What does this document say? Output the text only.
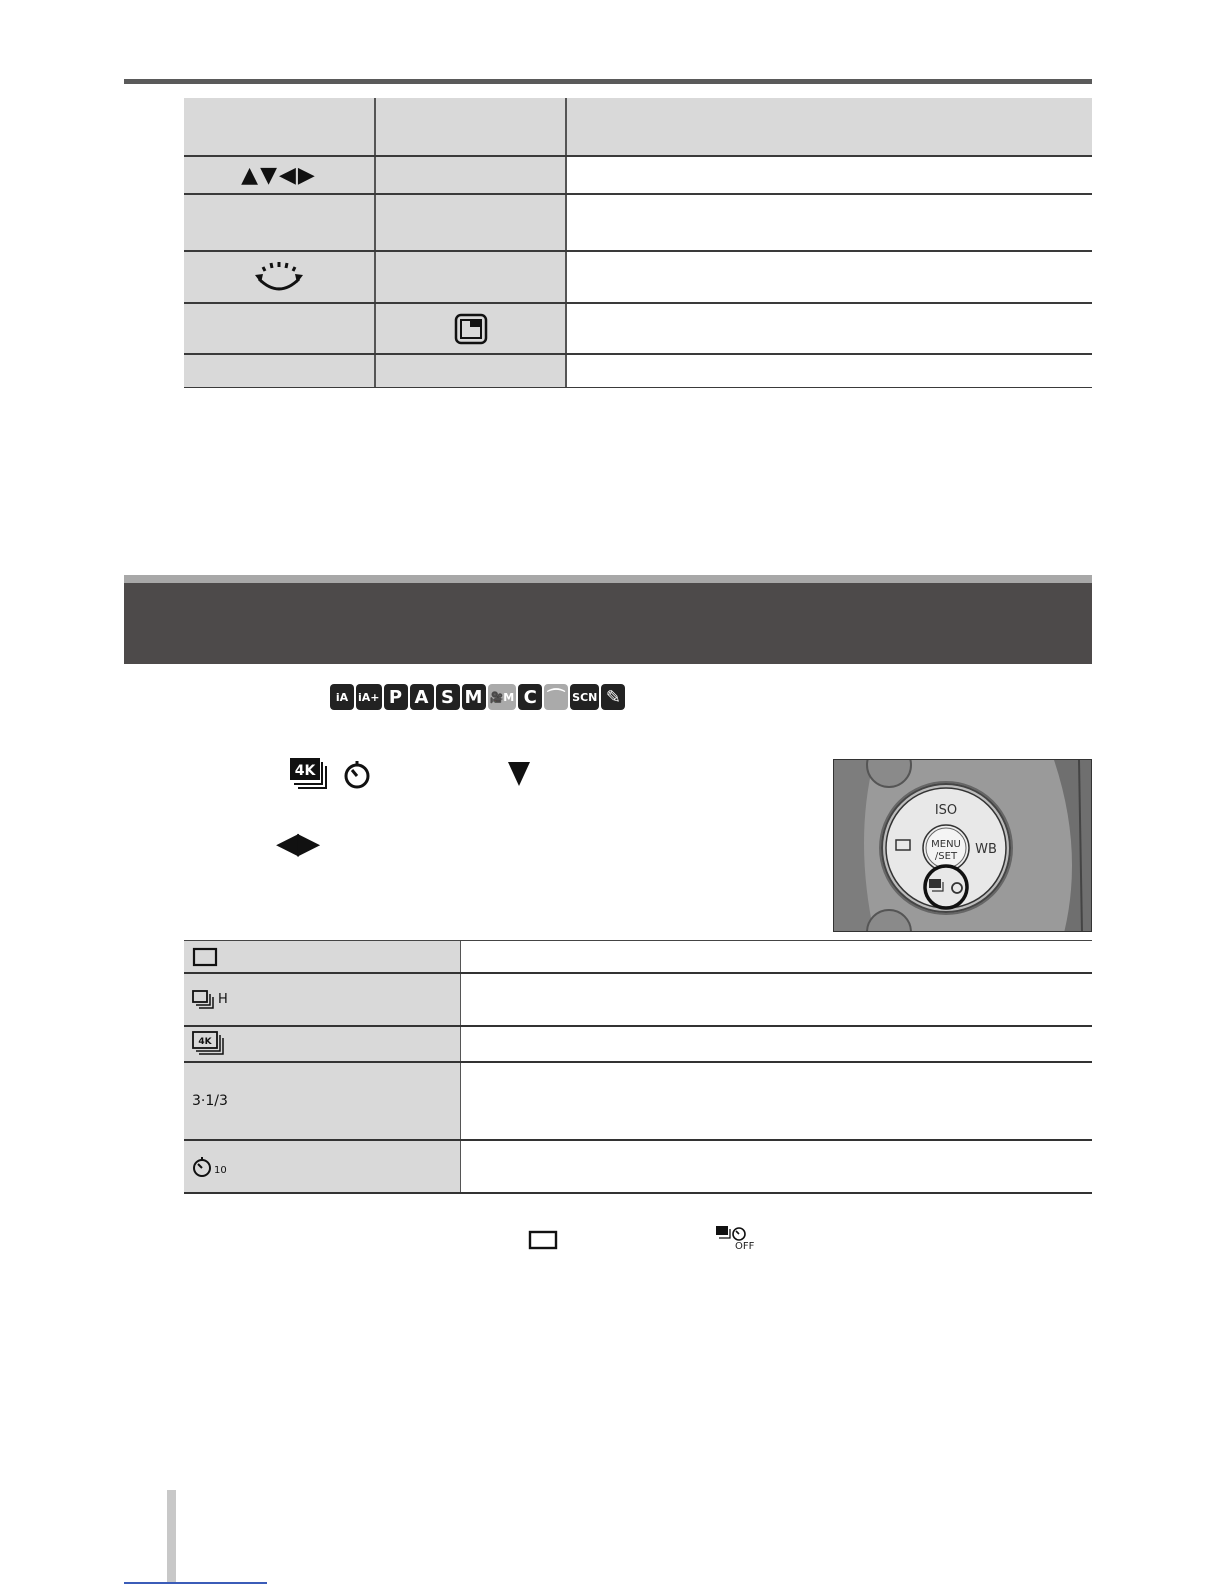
▲▼◀▶
iA iA+ P A S M 🎥M C ⌒ SCN ✎
4K
◀▶
ISO
MENU
/SET WB
H
4K
3·1/3
10
OFF
